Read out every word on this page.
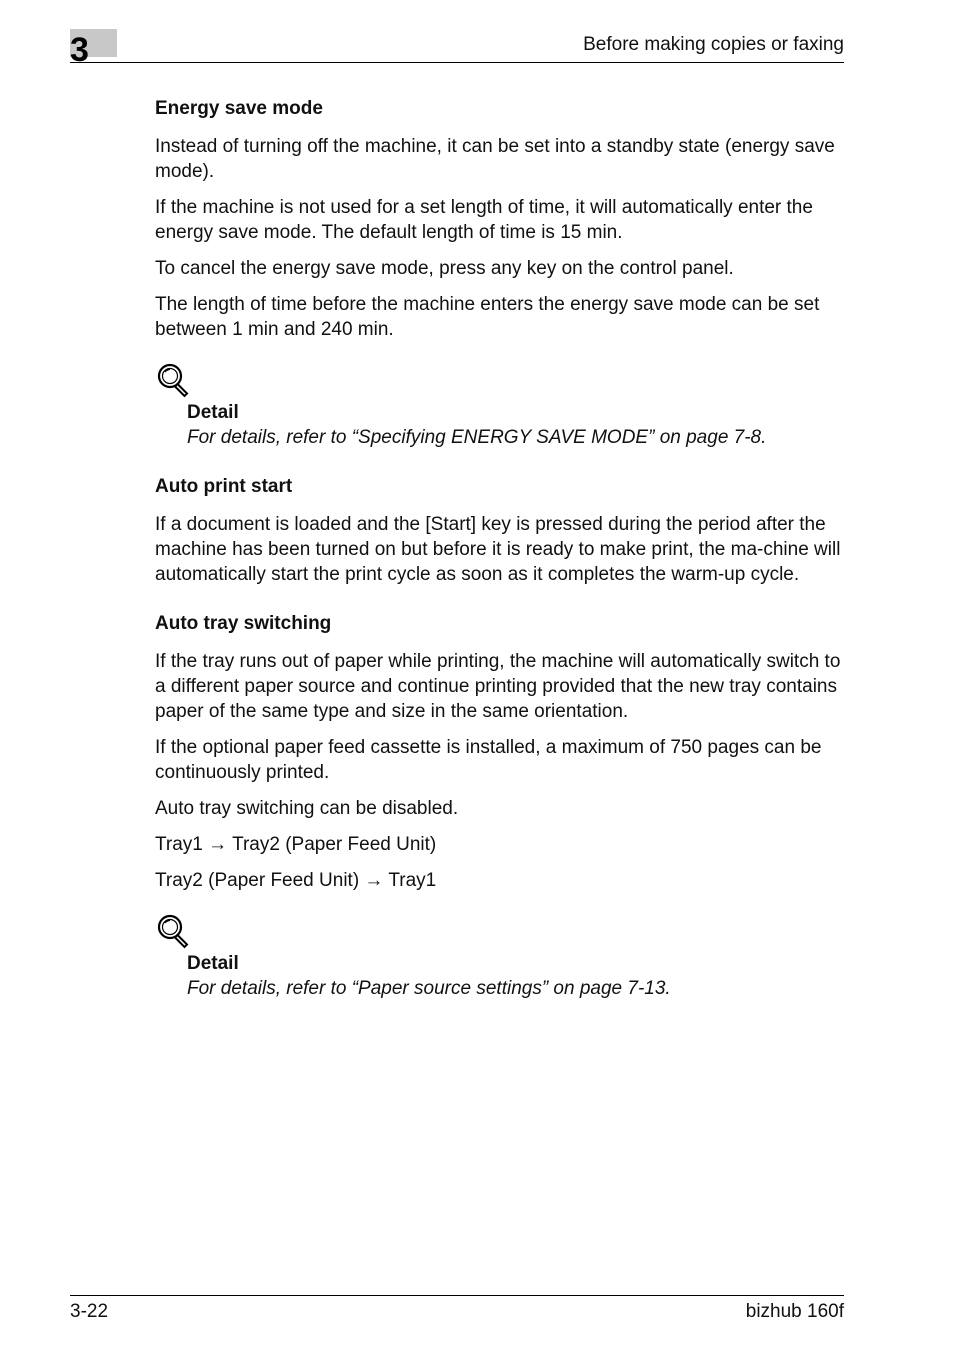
3	Before making copies or faxing
Energy save mode

Instead of turning off the machine, it can be set into a standby state (energy save mode).

If the machine is not used for a set length of time, it will automatically enter the energy save mode. The default length of time is 15 min.

To cancel the energy save mode, press any key on the control panel.

The length of time before the machine enters the energy save mode can be set between 1 min and 240 min.

Detail
For details, refer to “Specifying ENERGY SAVE MODE” on page 7-8.
Auto print start

If a document is loaded and the [Start] key is pressed during the period after the machine has been turned on but before it is ready to make print, the ma-chine will automatically start the print cycle as soon as it completes the warm-up cycle.

Auto tray switching

If the tray runs out of paper while printing, the machine will automatically switch to a different paper source and continue printing provided that the new tray contains paper of the same type and size in the same orientation.

If the optional paper feed cassette is installed, a maximum of 750 pages can be continuously printed.

Auto tray switching can be disabled.

Tray1 → Tray2 (Paper Feed Unit)

Tray2 (Paper Feed Unit) → Tray1

Detail
For details, refer to “Paper source settings” on page 7-13.
3-22	bizhub 160f
